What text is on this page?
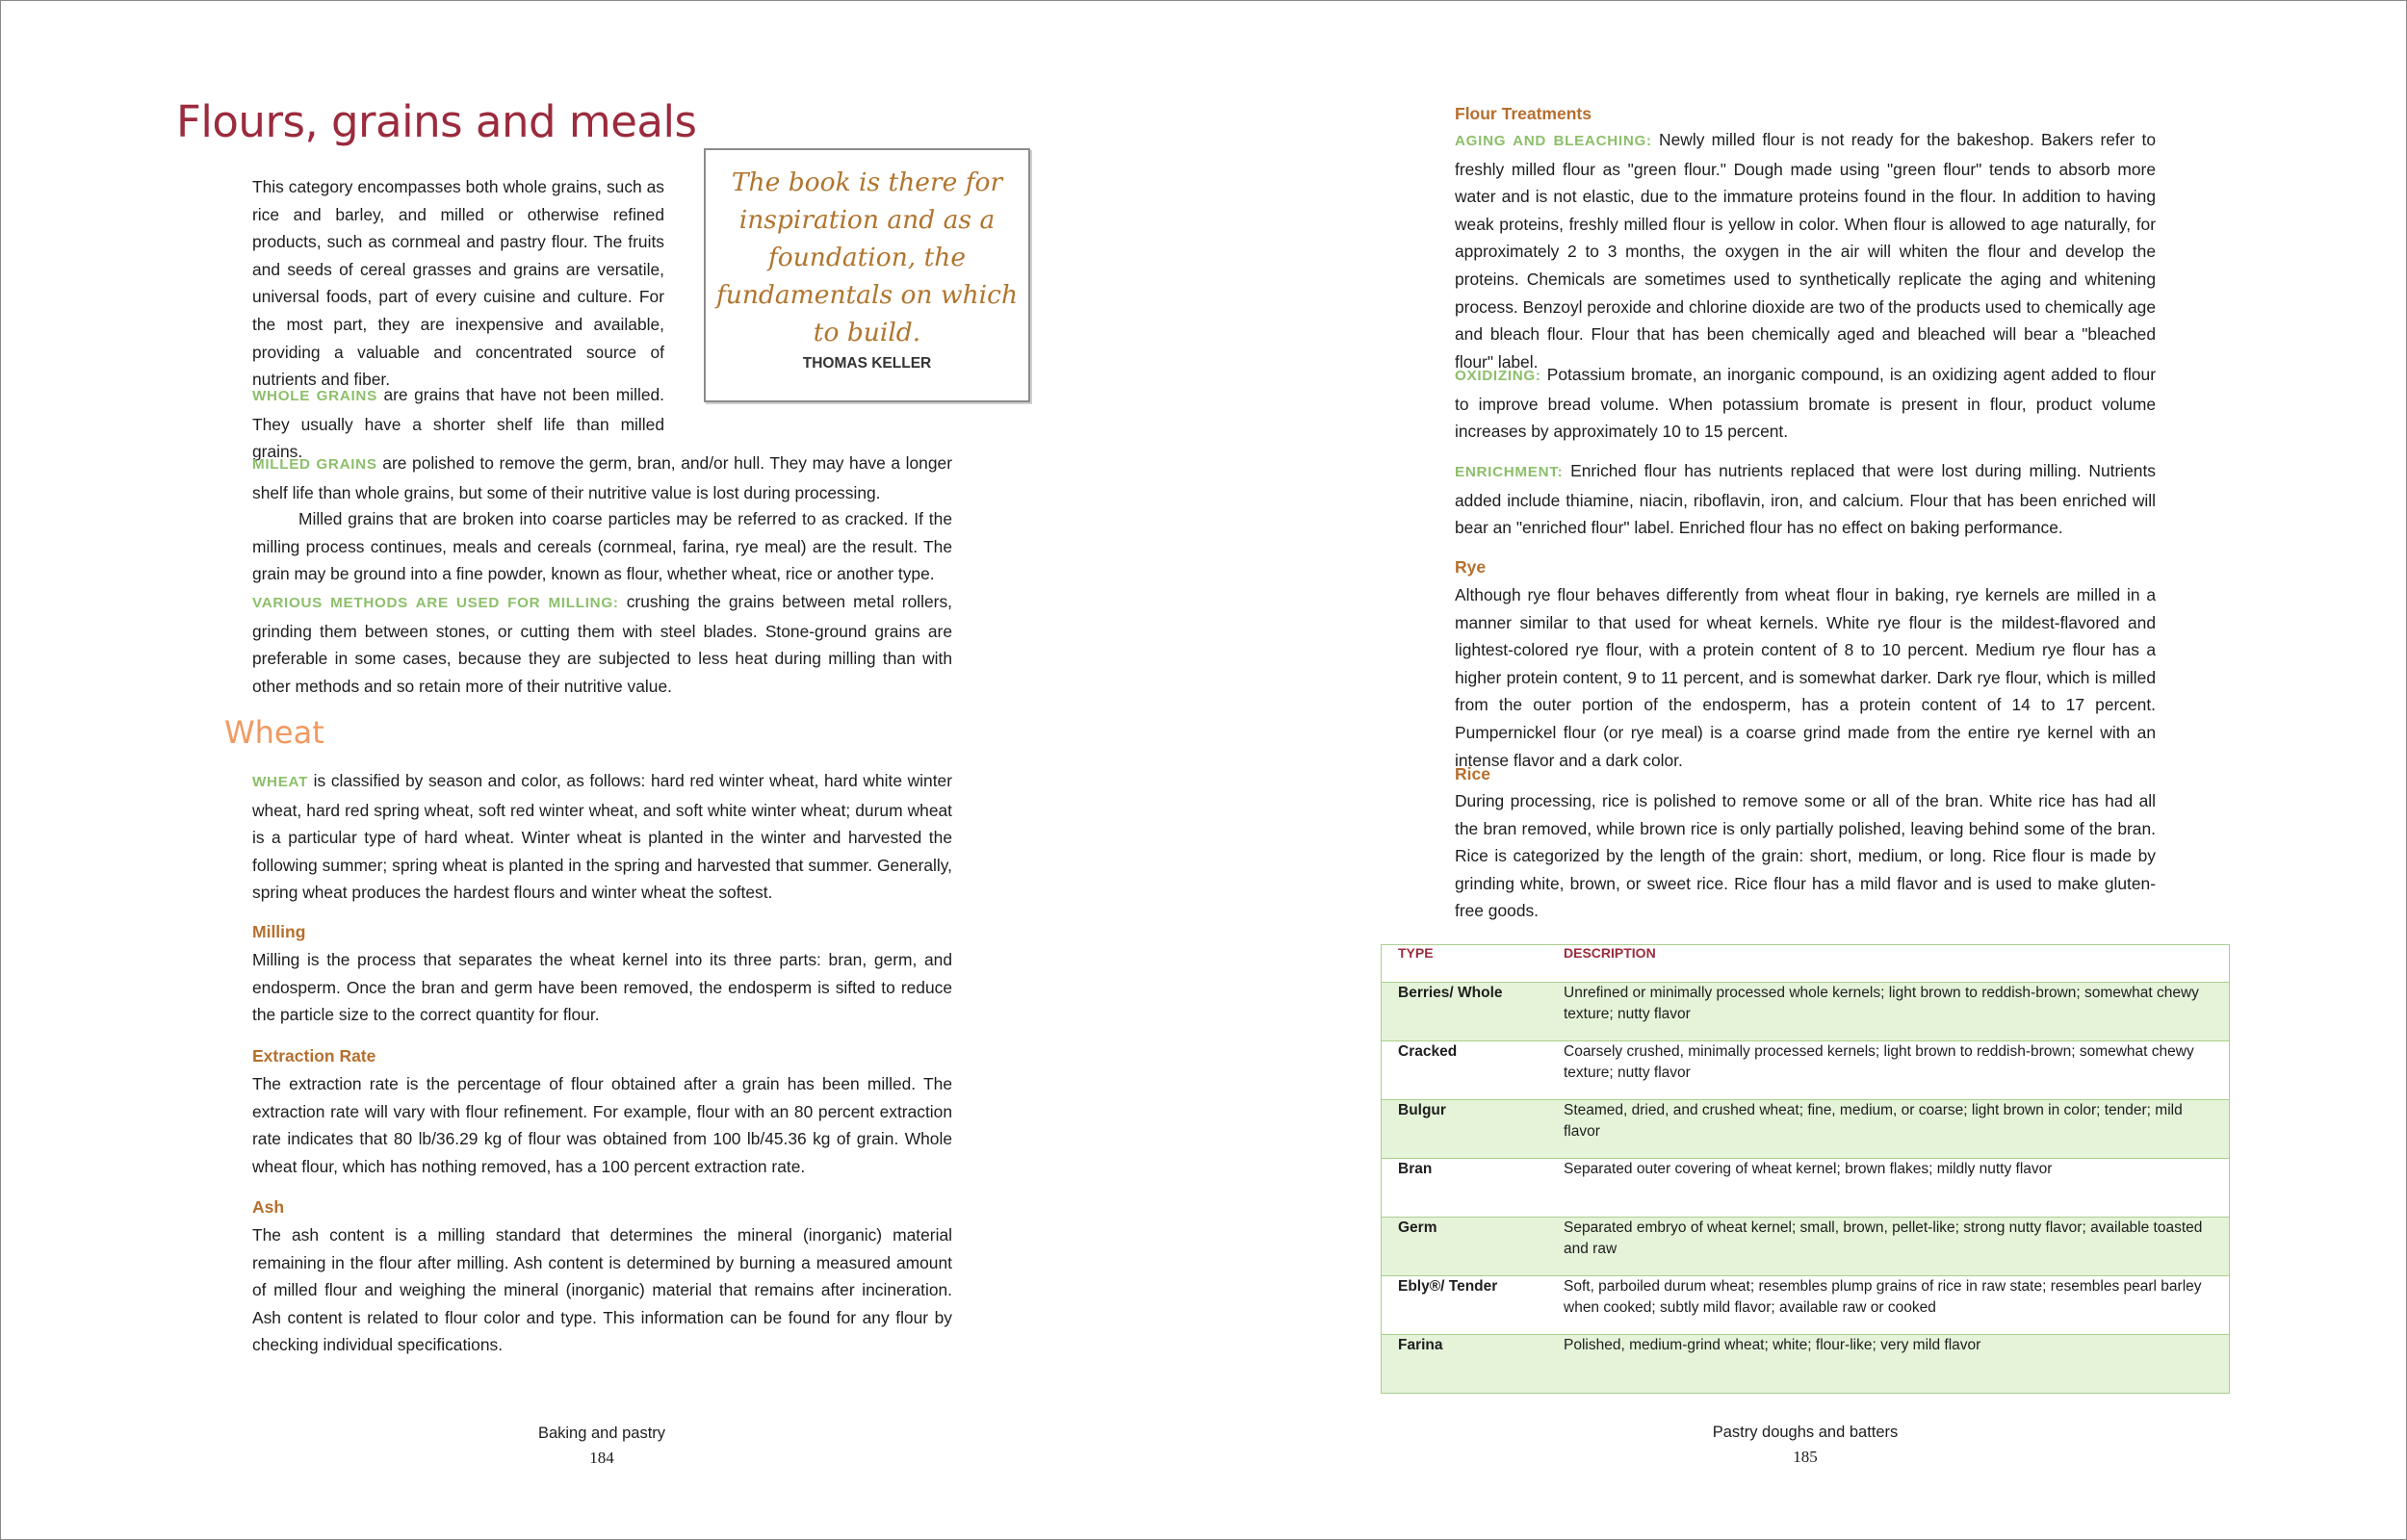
Flours, grains and meals
The book is there for inspiration and as a foundation, the fundamentals on which to build.
THOMAS KELLER

This category encompasses both whole grains, such as rice and barley, and milled or otherwise refined products, such as cornmeal and pastry flour. The fruits and seeds of cereal grasses and grains are versatile, universal foods, part of every cuisine and culture. For the most part, they are inexpensive and available, providing a valuable and concentrated source of nutrients and fiber.

WHOLE GRAINS are grains that have not been milled. They usually have a shorter shelf life than milled grains.

MILLED GRAINS are polished to remove the germ, bran, and/or hull. They may have a longer shelf life than whole grains, but some of their nutritive value is lost during processing.

Milled grains that are broken into coarse particles may be referred to as cracked. If the milling process continues, meals and cereals (cornmeal, farina, rye meal) are the result. The grain may be ground into a fine powder, known as flour, whether wheat, rice or another type.

VARIOUS METHODS ARE USED FOR MILLING: crushing the grains between metal rollers, grinding them between stones, or cutting them with steel blades. Stone-ground grains are preferable in some cases, because they are subjected to less heat during milling than with other methods and so retain more of their nutritive value.

Wheat

WHEAT is classified by season and color, as follows: hard red winter wheat, hard white winter wheat, hard red spring wheat, soft red winter wheat, and soft white winter wheat; durum wheat is a particular type of hard wheat. Winter wheat is planted in the winter and harvested the following summer; spring wheat is planted in the spring and harvested that summer. Generally, spring wheat produces the hardest flours and winter wheat the softest.

Milling

Milling is the process that separates the wheat kernel into its three parts: bran, germ, and endosperm. Once the bran and germ have been removed, the endosperm is sifted to reduce the particle size to the correct quantity for flour.

Extraction Rate

The extraction rate is the percentage of flour obtained after a grain has been milled. The extraction rate will vary with flour refinement. For example, flour with an 80 percent extraction rate indicates that 80 lb/36.29 kg of flour was obtained from 100 lb/45.36 kg of grain. Whole wheat flour, which has nothing removed, has a 100 percent extraction rate.

Ash

The ash content is a milling standard that determines the mineral (inorganic) material remaining in the flour after milling. Ash content is determined by burning a measured amount of milled flour and weighing the mineral (inorganic) material that remains after incineration. Ash content is related to flour color and type. This information can be found for any flour by checking individual specifications.

Baking and pastry
184
Flour Treatments

AGING AND BLEACHING: Newly milled flour is not ready for the bakeshop. Bakers refer to freshly milled flour as "green flour." Dough made using "green flour" tends to absorb more water and is not elastic, due to the immature proteins found in the flour. In addition to having weak proteins, freshly milled flour is yellow in color. When flour is allowed to age naturally, for approximately 2 to 3 months, the oxygen in the air will whiten the flour and develop the proteins. Chemicals are sometimes used to synthetically replicate the aging and whitening process. Benzoyl peroxide and chlorine dioxide are two of the products used to chemically age and bleach flour. Flour that has been chemically aged and bleached will bear a "bleached flour" label.

OXIDIZING: Potassium bromate, an inorganic compound, is an oxidizing agent added to flour to improve bread volume. When potassium bromate is present in flour, product volume increases by approximately 10 to 15 percent.

ENRICHMENT: Enriched flour has nutrients replaced that were lost during milling. Nutrients added include thiamine, niacin, riboflavin, iron, and calcium. Flour that has been enriched will bear an "enriched flour" label. Enriched flour has no effect on baking performance.

Rye

Although rye flour behaves differently from wheat flour in baking, rye kernels are milled in a manner similar to that used for wheat kernels. White rye flour is the mildest-flavored and lightest-colored rye flour, with a protein content of 8 to 10 percent. Medium rye flour has a higher protein content, 9 to 11 percent, and is somewhat darker. Dark rye flour, which is milled from the outer portion of the endosperm, has a protein content of 14 to 17 percent. Pumpernickel flour (or rye meal) is a coarse grind made from the entire rye kernel with an intense flavor and a dark color.

Rice

During processing, rice is polished to remove some or all of the bran. White rice has had all the bran removed, while brown rice is only partially polished, leaving behind some of the bran. Rice is categorized by the length of the grain: short, medium, or long. Rice flour is made by grinding white, brown, or sweet rice. Rice flour has a mild flavor and is used to make gluten-free goods.

TYPE	DESCRIPTION
Berries/ Whole	Unrefined or minimally processed whole kernels; light brown to reddish-brown; somewhat chewy texture; nutty flavor
Cracked	Coarsely crushed, minimally processed kernels; light brown to reddish-brown; somewhat chewy texture; nutty flavor
Bulgur	Steamed, dried, and crushed wheat; fine, medium, or coarse; light brown in color; tender; mild flavor
Bran	Separated outer covering of wheat kernel; brown flakes; mildly nutty flavor
Germ	Separated embryo of wheat kernel; small, brown, pellet-like; strong nutty flavor; available toasted and raw
Ebly®/ Tender	Soft, parboiled durum wheat; resembles plump grains of rice in raw state; resembles pearl barley when cooked; subtly mild flavor; available raw or cooked
Farina	Polished, medium-grind wheat; white; flour-like; very mild flavor
Pastry doughs and batters
185
